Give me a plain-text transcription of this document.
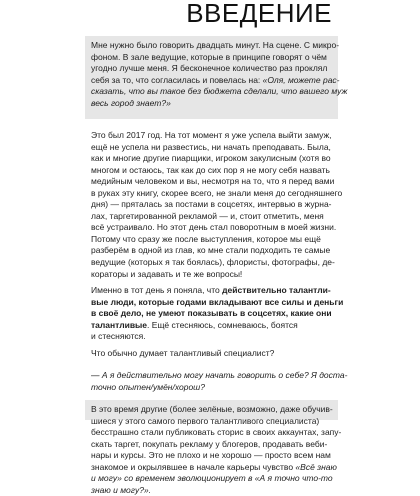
ВВЕДЕНИЕ
Мне нужно было говорить двадцать минут. На сцене. С микро-
фоном. В зале ведущие, которые в принципе говорят о чём
угодно лучше меня. Я бесконечное количество раз проклял
себя за то, что согласилась и повелась на: «Оля, можете рас-
сказать, что вы такое без бюджета сделали, что вашего муж
весь город знает?»
Это был 2017 год. На тот момент я уже успела выйти замуж,
ещё не успела ни развестись, ни начать преподавать. Была,
как и многие другие пиарщики, игроком закулисным (хотя во
многом и остаюсь, так как до сих пор я не могу себя назвать
медийным человеком и вы, несмотря на то, что я перед вами
в руках эту книгу, скорее всего, не знали меня до сегодняшнего
дня) — пряталась за постами в соцсетях, интервью в журна-
лах, таргетированной рекламой — и, стоит отметить, меня
всё устраивало. Но этот день стал поворотным в моей жизни.
Потому что сразу же после выступления, которое мы ещё
разберём в одной из глав, ко мне стали подходить те самые
ведущие (которых я так боялась), флористы, фотографы, де-
кораторы и задавать и те же вопросы!
Именно в тот день я поняла, что действительно талантли-
вые люди, которые годами вкладывают все силы и деньги
в своё дело, не умеют показывать в соцсетях, какие они
талантливые. Ещё стесняюсь, сомневаюсь, боятся
и стесняются.
Что обычно думает талантливый специалист?
— А я действительно могу начать говорить о себе? Я доста-
точно опытен/умён/хорош?
В это время другие (более зелёные, возможно, даже обучив-
шиеся у этого самого первого талантливого специалиста)
бесстрашно стали публиковать сторис в своих аккаунтах, запу-
скать таргет, покупать рекламу у блогеров, продавать веби-
нары и курсы. Это не плохо и не хорошо — просто всем нам
знакомое и окрылявшее в начале карьеры чувство «Всё знаю
и могу» со временем эволюционирует в «А я точно что-то
знаю и могу?».
